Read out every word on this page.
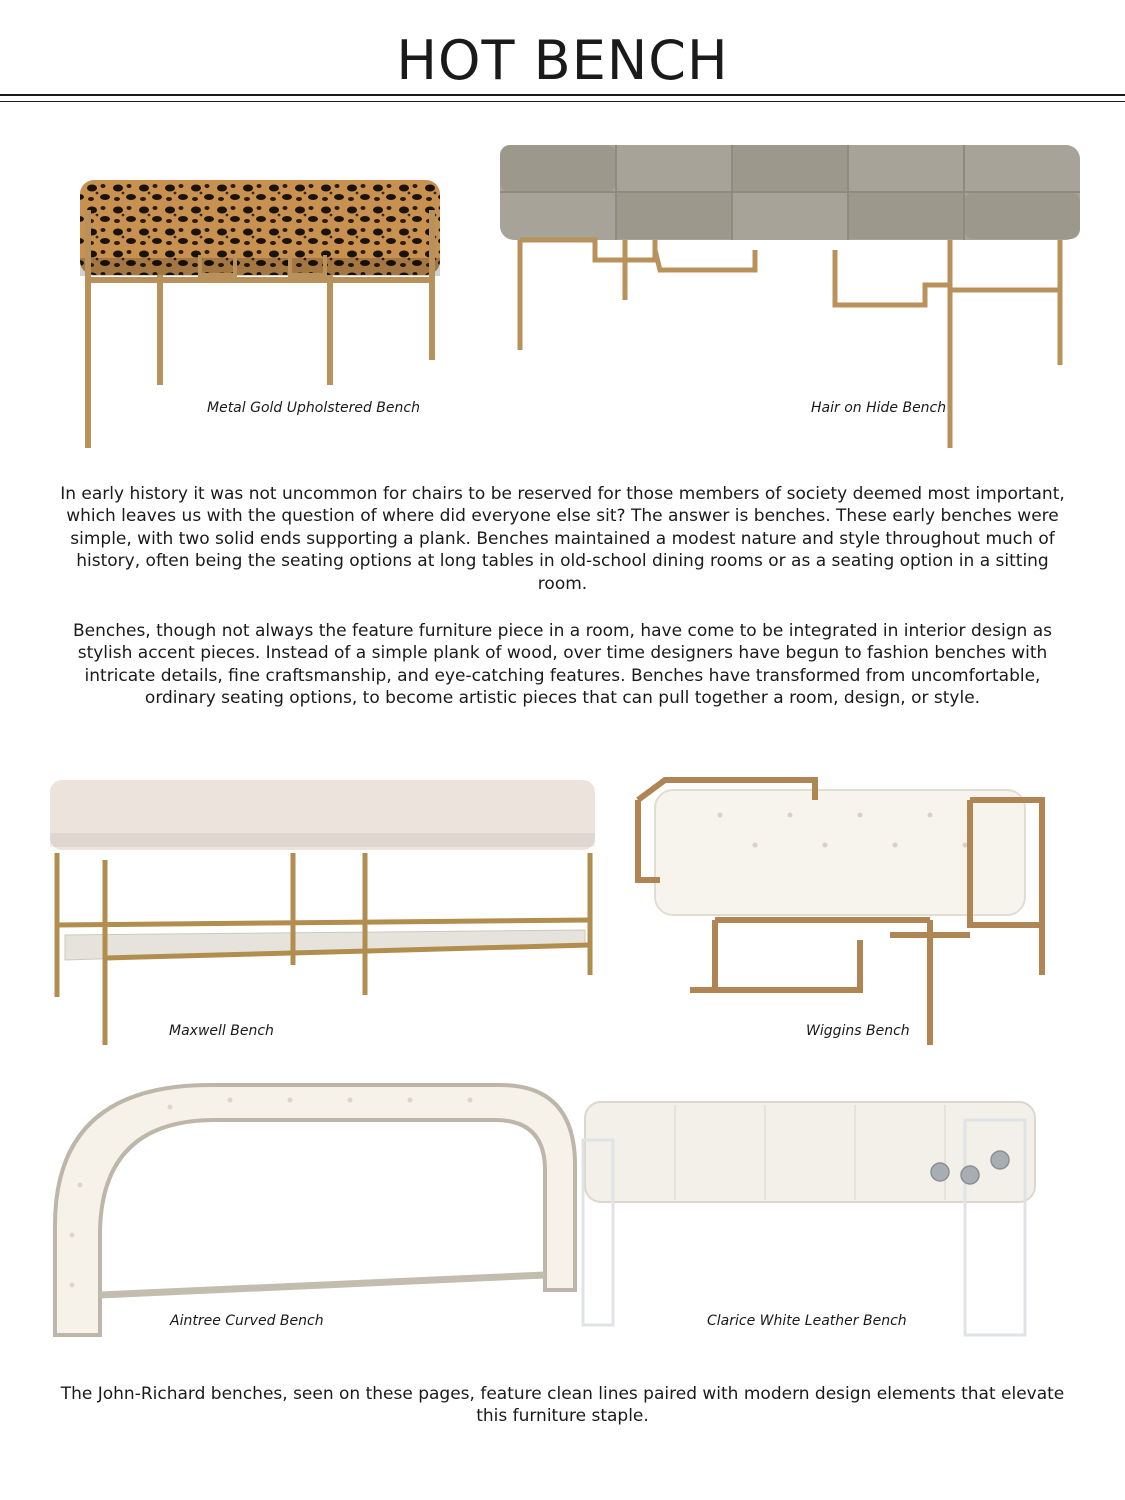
HOT BENCH
Metal Gold Upholstered Bench	Hair on Hide Bench

In early history it was not uncommon for chairs to be reserved for those members of society deemed most important, which leaves us with the question of where did everyone else sit? The answer is benches. These early benches were simple, with two solid ends supporting a plank. Benches maintained a modest nature and style throughout much of history, often being the seating options at long tables in old-school dining rooms or as a seating option in a sitting room.

Benches, though not always the feature furniture piece in a room, have come to be integrated in interior design as stylish accent pieces. Instead of a simple plank of wood, over time designers have begun to fashion benches with intricate details, fine craftsmanship, and eye-catching features. Benches have transformed from uncomfortable, ordinary seating options, to become artistic pieces that can pull together a room, design, or style.

Maxwell Bench	Wiggins Bench
Aintree Curved Bench	Clarice White Leather Bench

The John-Richard benches, seen on these pages, feature clean lines paired with modern design elements that elevate this furniture staple.
